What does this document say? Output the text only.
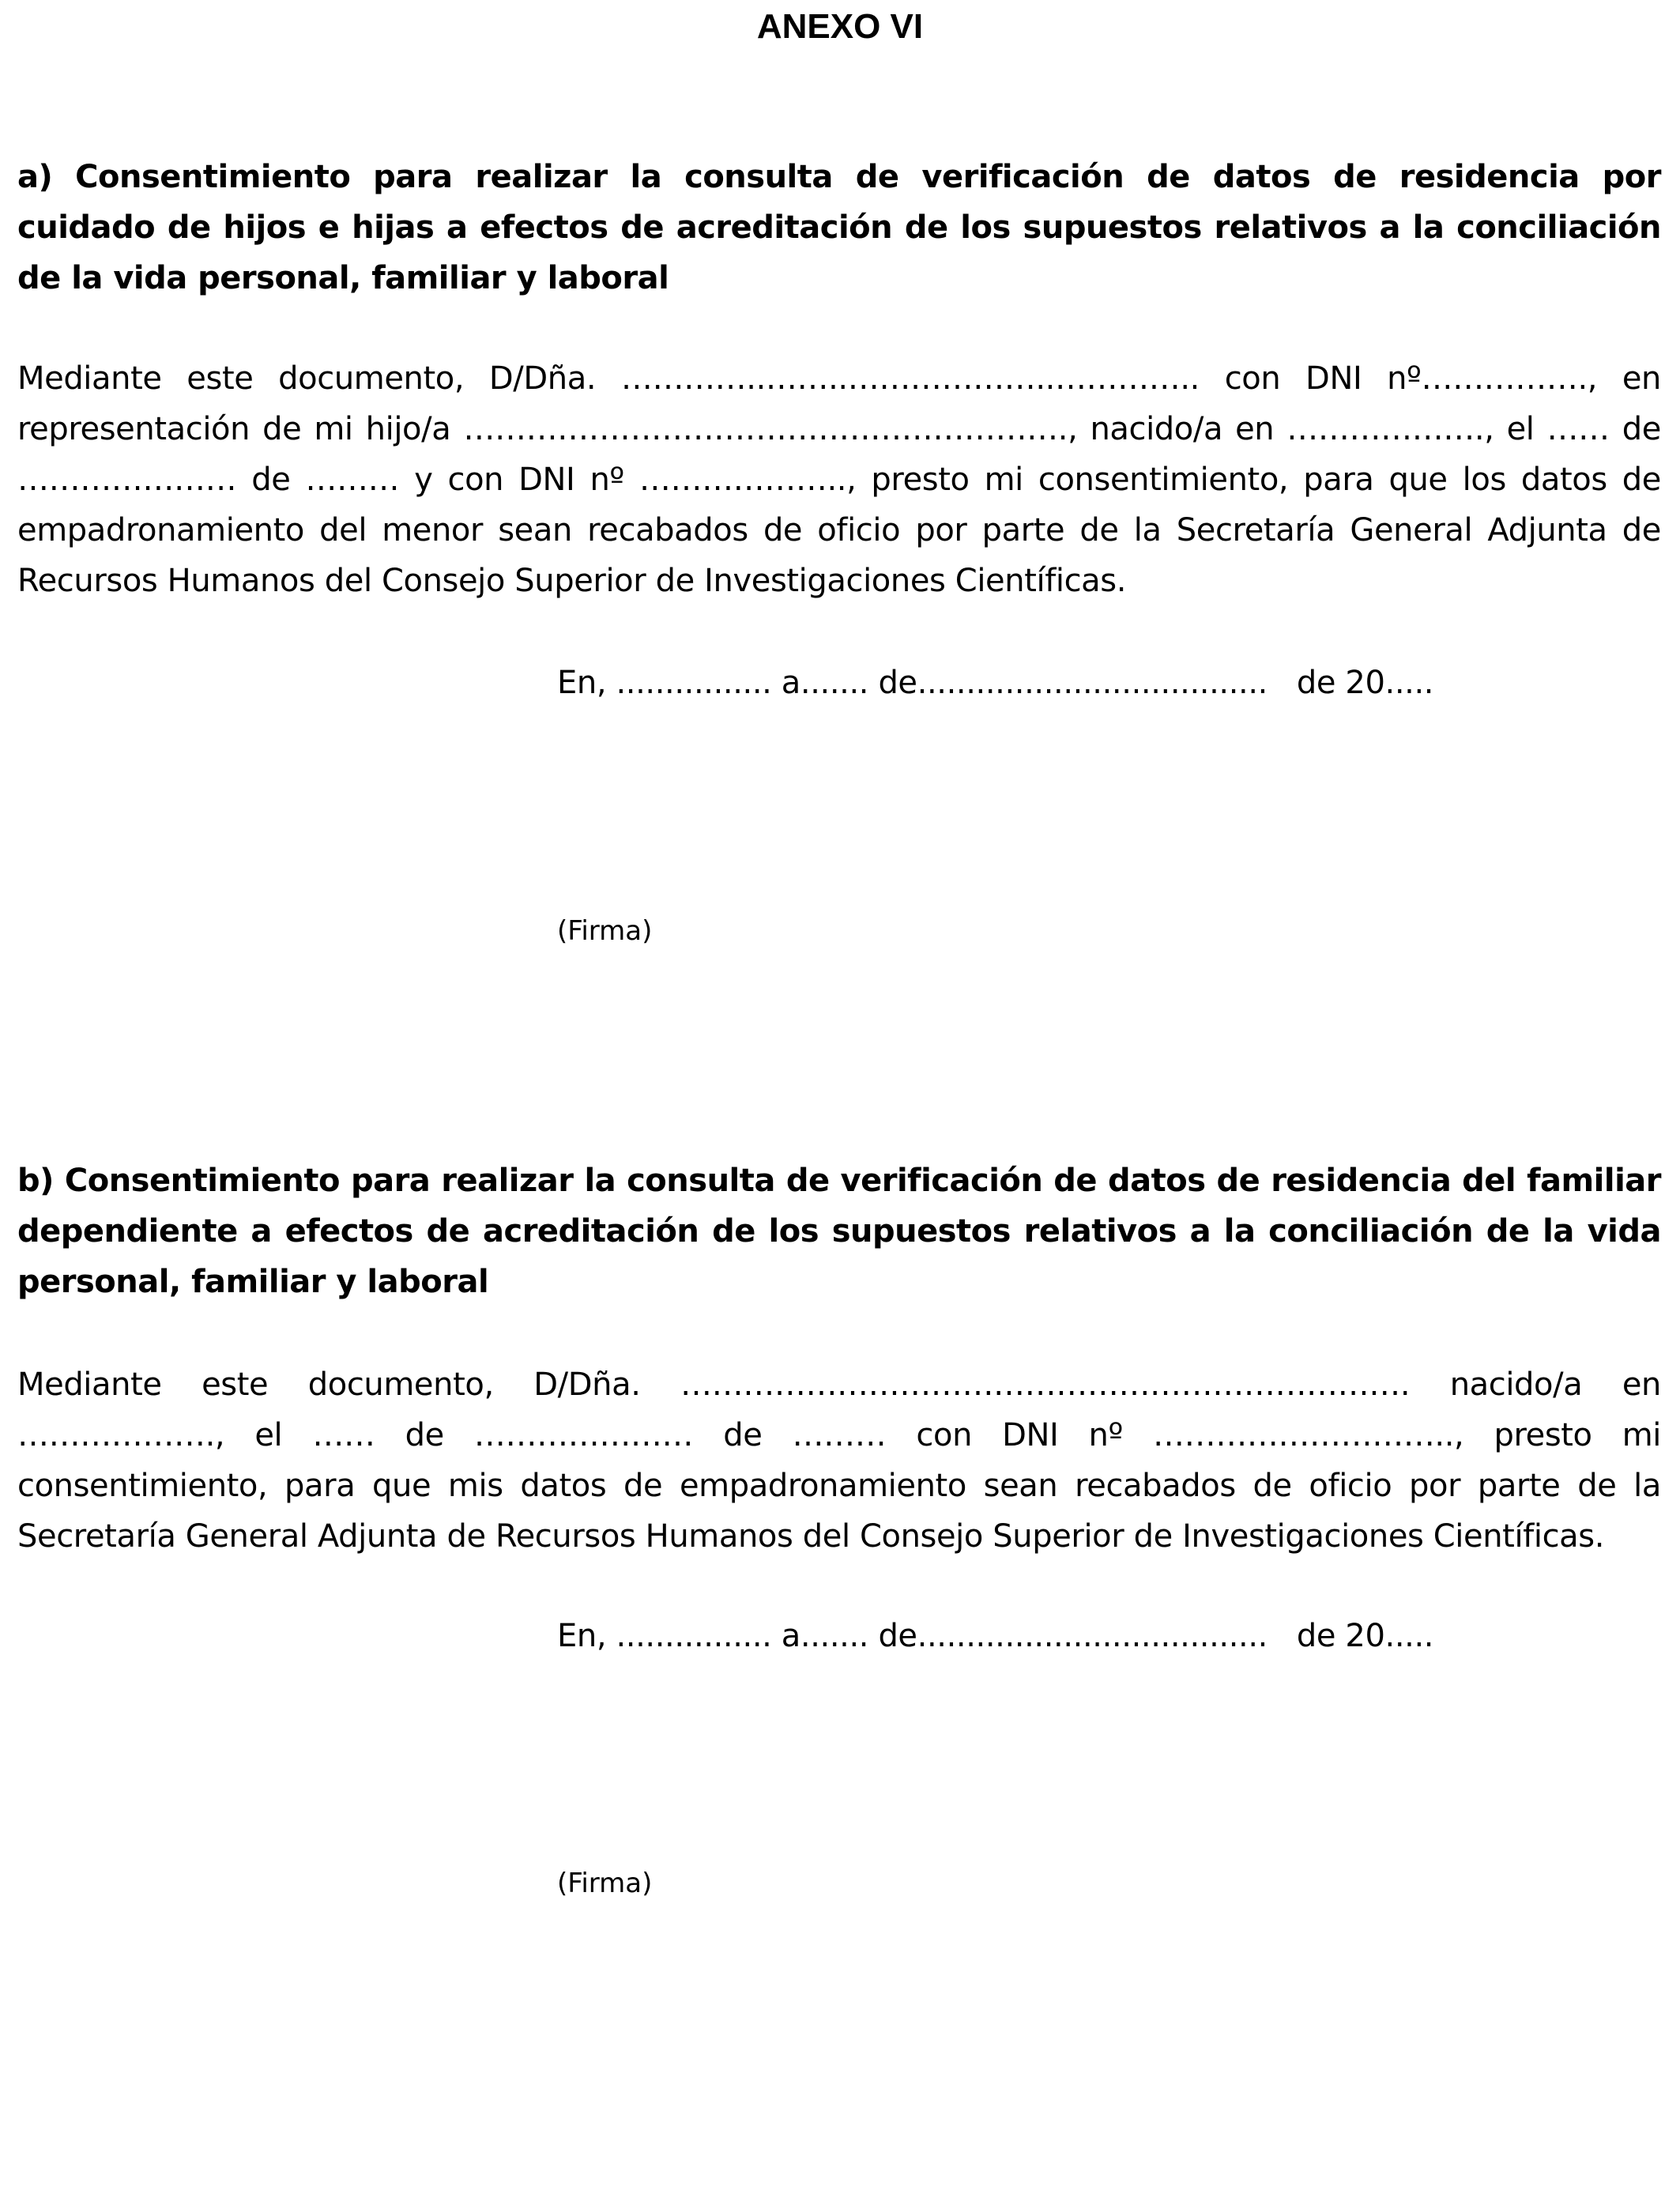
ANEXO VI
a) Consentimiento para realizar la consulta de verificación de datos de residencia por cuidado de hijos e hijas a efectos de acreditación de los supuestos relativos a la conciliación de la vida personal, familiar y laboral
Mediante este documento, D/Dña. …………..……..………………..………….. con DNI nº……………., en representación de mi hijo/a …………………………………………………., nacido/a en ………………., el …… de ………………… de ……… y con DNI nº ……………….., presto mi consentimiento, para que los datos de empadronamiento del menor sean recabados de oficio por parte de la Secretaría General Adjunta de Recursos Humanos del Consejo Superior de Investigaciones Científicas.
En, ................ a....... de....................................   de 20.....
(Firma)
b) Consentimiento para realizar la consulta de verificación de datos de residencia del familiar dependiente a efectos de acreditación de los supuestos relativos a la conciliación de la vida personal, familiar y laboral
Mediante este documento, D/Dña. ……………………………………………………………. nacido/a en ………………., el …… de ………………… de ……… con DNI nº ……………………….., presto mi consentimiento, para que mis datos de empadronamiento sean recabados de oficio por parte de la Secretaría General Adjunta de Recursos Humanos del Consejo Superior de Investigaciones Científicas.
En, ................ a....... de....................................   de 20.....
(Firma)
